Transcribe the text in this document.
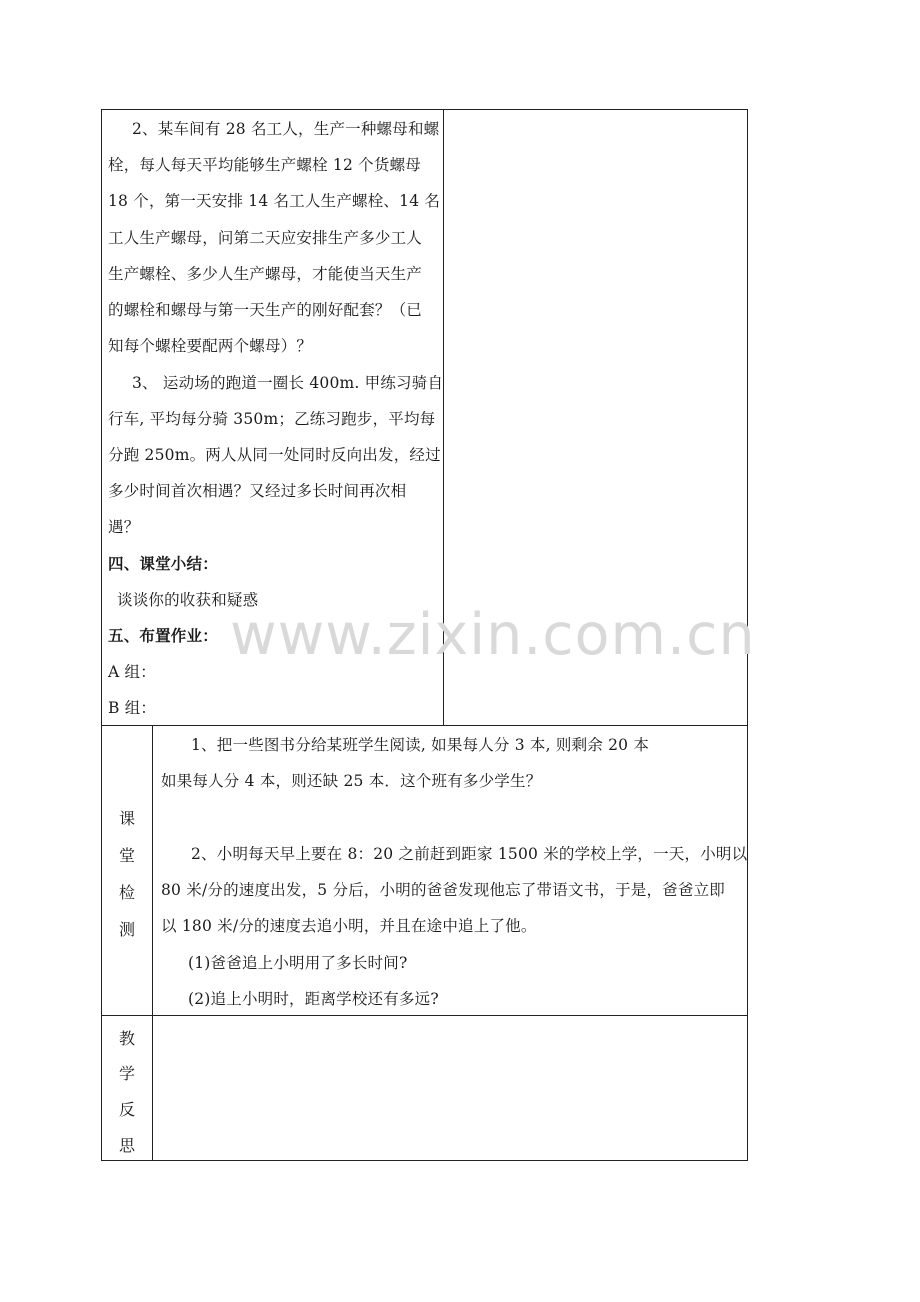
2、某车间有 28 名工人，生产一种螺母和螺
栓，每人每天平均能够生产螺栓 12 个货螺母
18 个，第一天安排 14 名工人生产螺栓、14 名
工人生产螺母，问第二天应安排生产多少工人
生产螺栓、多少人生产螺母，才能使当天生产
的螺栓和螺母与第一天生产的刚好配套？（已
知每个螺栓要配两个螺母）？
3、 运动场的跑道一圈长 400m. 甲练习骑自
行车, 平均每分骑 350m；乙练习跑步，平均每
分跑 250m。两人从同一处同时反向出发，经过
多少时间首次相遇？又经过多长时间再次相
遇？
四、课堂小结：
谈谈你的收获和疑惑
五、布置作业：
A 组：
B 组：
课
堂
检
测
1、把一些图书分给某班学生阅读, 如果每人分 3 本, 则剩余 20 本
如果每人分 4 本，则还缺 25 本．这个班有多少学生？
2、小明每天早上要在 8：20 之前赶到距家 1500 米的学校上学，一天，小明以
80 米/分的速度出发，5 分后，小明的爸爸发现他忘了带语文书，于是，爸爸立即
以 180 米/分的速度去追小明，并且在途中追上了他。
(1)爸爸追上小明用了多长时间?
(2)追上小明时，距离学校还有多远?
教
学
反
思
www.zixin.com.cn
